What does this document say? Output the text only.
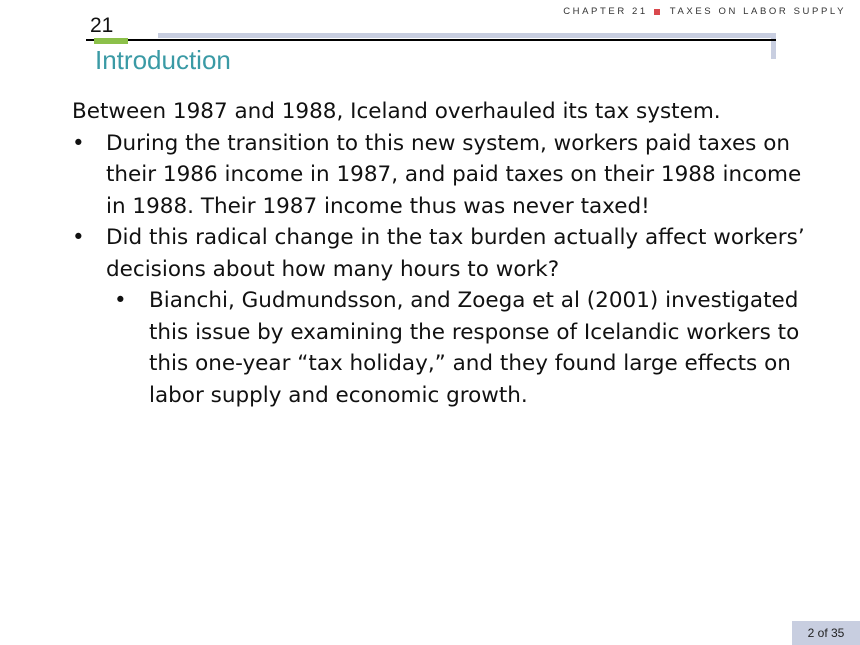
CHAPTER 21 TAXES ON LABOR SUPPLY
21
Introduction

Between 1987 and 1988, Iceland overhauled its tax system.

• During the transition to this new system, workers paid taxes on their 1986 income in 1987, and paid taxes on their 1988 income in 1988. Their 1987 income thus was never taxed!
• Did this radical change in the tax burden actually affect workers’ decisions about how many hours to work?
• Bianchi, Gudmundsson, and Zoega et al (2001) investigated this issue by examining the response of Icelandic workers to this one-year “tax holiday,” and they found large effects on labor supply and economic growth.
2 of 35
